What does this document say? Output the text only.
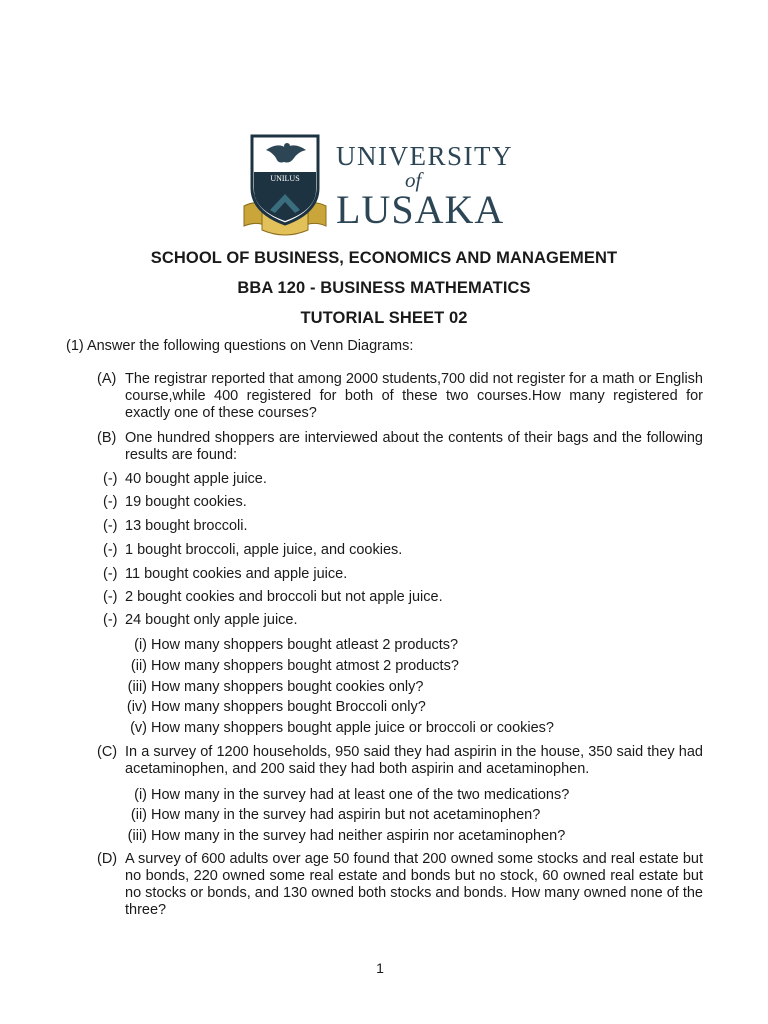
UNILUS
UNIVERSITY
of
LUSAKA
SCHOOL OF BUSINESS, ECONOMICS AND MANAGEMENT
BBA 120 - BUSINESS MATHEMATICS
TUTORIAL SHEET 02
(1) Answer the following questions on Venn Diagrams:
(A) The registrar reported that among 2000 students,700 did not register for a math or English course,while 400 registered for both of these two courses.How many registered for exactly one of these courses?
(B) One hundred shoppers are interviewed about the contents of their bags and the following results are found:
(-) 40 bought apple juice.
(-) 19 bought cookies.
(-) 13 bought broccoli.
(-) 1 bought broccoli, apple juice, and cookies.
(-) 11 bought cookies and apple juice.
(-) 2 bought cookies and broccoli but not apple juice.
(-) 24 bought only apple juice.
(i) How many shoppers bought atleast 2 products?
(ii) How many shoppers bought atmost 2 products?
(iii) How many shoppers bought cookies only?
(iv) How many shoppers bought Broccoli only?
(v) How many shoppers bought apple juice or broccoli or cookies?
(C) In a survey of 1200 households, 950 said they had aspirin in the house, 350 said they had acetaminophen, and 200 said they had both aspirin and acetaminophen.
(i) How many in the survey had at least one of the two medications?
(ii) How many in the survey had aspirin but not acetaminophen?
(iii) How many in the survey had neither aspirin nor acetaminophen?
(D) A survey of 600 adults over age 50 found that 200 owned some stocks and real estate but no bonds, 220 owned some real estate and bonds but no stock, 60 owned real estate but no stocks or bonds, and 130 owned both stocks and bonds. How many owned none of the three?
1
